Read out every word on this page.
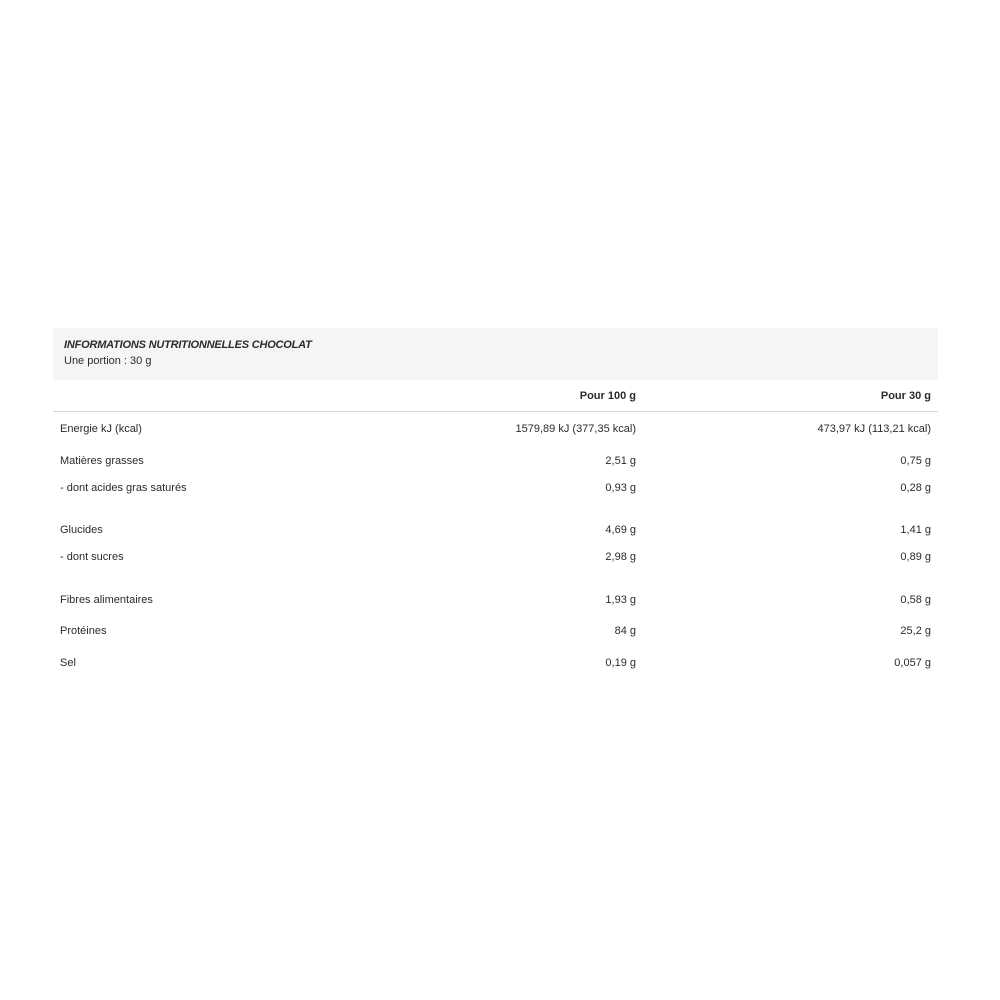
INFORMATIONS NUTRITIONNELLES CHOCOLAT
Une portion : 30 g
Pour 100 g	Pour 30 g
Energie kJ (kcal)	1579,89 kJ (377,35 kcal)	473,97 kJ (113,21 kcal)
Matières grasses	2,51 g	0,75 g
- dont acides gras saturés	0,93 g	0,28 g
Glucides	4,69 g	1,41 g
- dont sucres	2,98 g	0,89 g
Fibres alimentaires	1,93 g	0,58 g
Protéines	84 g	25,2 g
Sel	0,19 g	0,057 g
